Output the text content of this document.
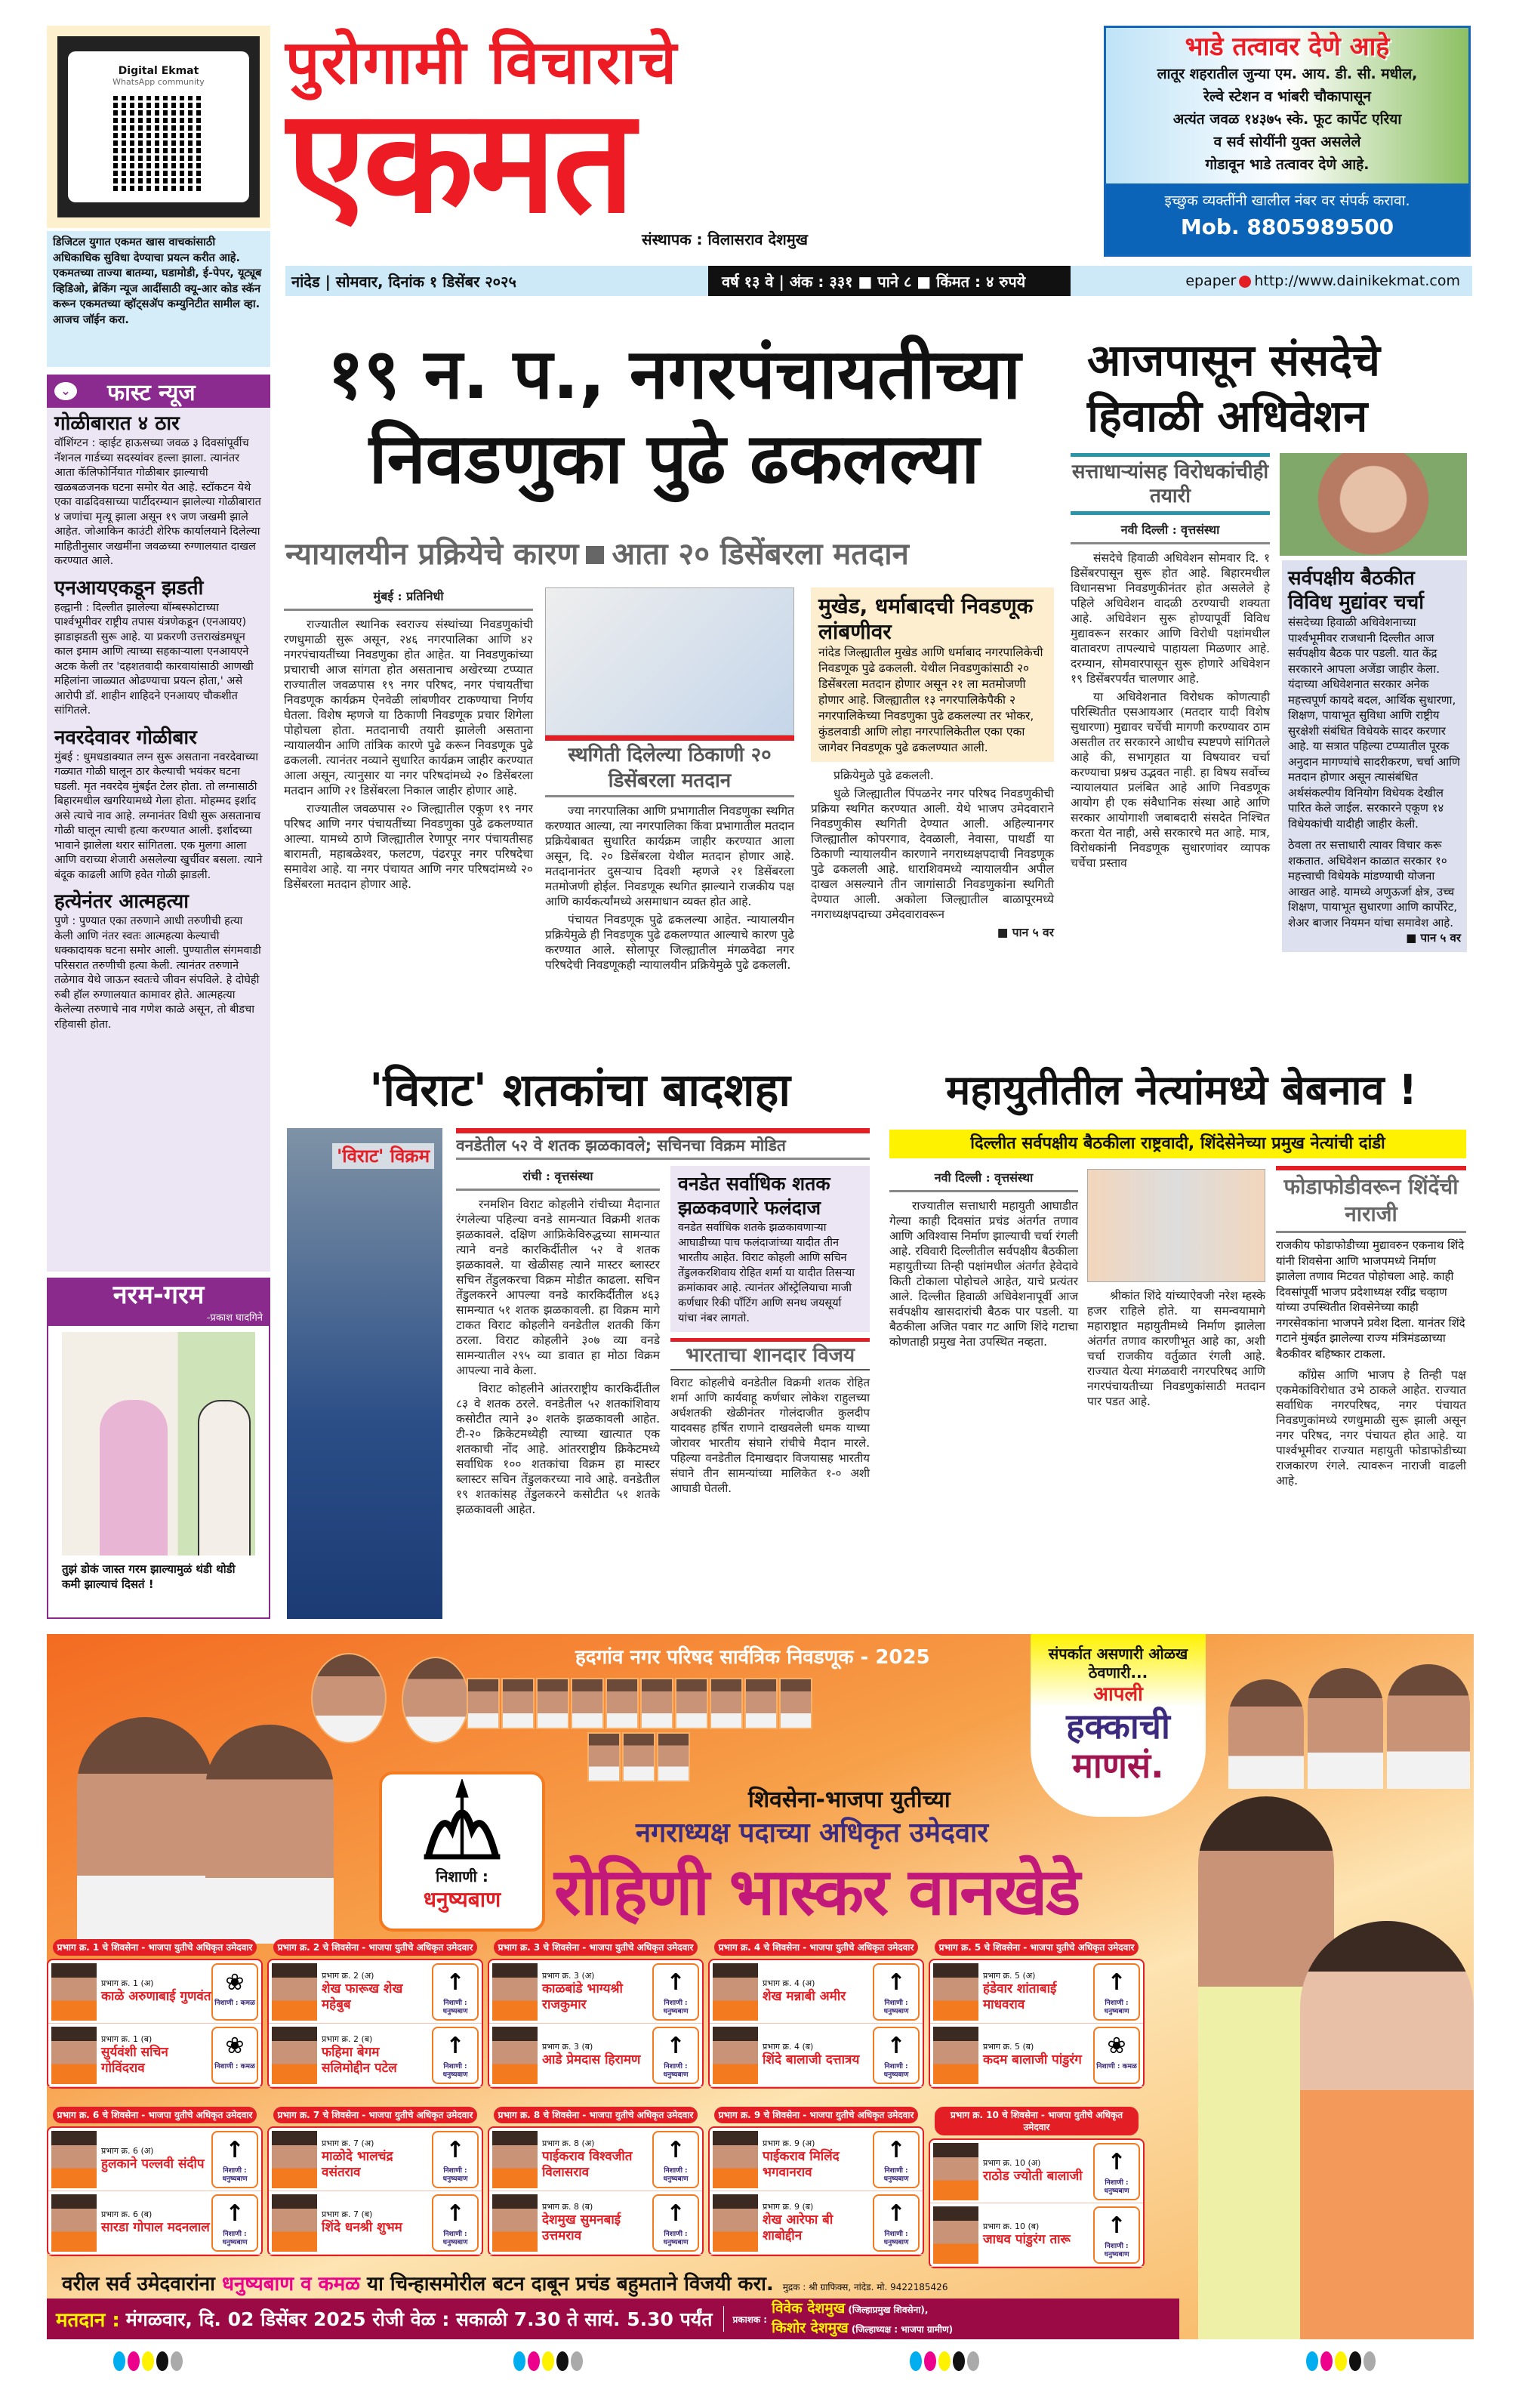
Digital Ekmat
WhatsApp community
डिजिटल युगात एकमत खास वाचकांसाठी अधिकाधिक सुविधा देण्याचा प्रयत्न करीत आहे. एकमतच्या ताज्या बातम्या, घडामोडी, ई-पेपर, यूट्यूब व्हिडिओ, ब्रेकिंग न्यूज आदींसाठी क्यू-आर कोड स्कॅन करून एकमतच्या व्हॉट्सॲप कम्युनिटीत सामील व्हा. आजच जॉईन करा.
पुरोगामी विचाराचे
एकमत संस्थापक : विलासराव देशमुख
भाडे तत्वावर देणे आहे
लातूर शहरातील जुन्या एम. आय. डी. सी. मधील,
रेल्वे स्टेशन व भांबरी चौकापासून
अत्यंत जवळ १४३७५ स्के. फूट कार्पेट एरिया
व सर्व सोयींनी युक्त असलेले
गोडावून भाडे तत्वावर देणे आहे.
इच्छुक व्यक्तींनी खालील नंबर वर संपर्क करावा.
Mob. 8805989500
नांदेड | सोमवार, दिनांक १ डिसेंबर २०२५	वर्ष १३ वे | अंक : ३३१ ■ पाने ८ ■ किंमत : ४ रुपये	epaper http://www.dainikekmat.com
⌄ फास्ट न्यूज
गोळीबारात ४ ठार
वॉशिंग्टन : व्हाईट हाऊसच्या जवळ ३ दिवसांपूर्वीच नॅशनल गार्डच्या सदस्यांवर हल्ला झाला. त्यानंतर आता कॅलिफोर्नियात गोळीबार झाल्याची खळबळजनक घटना समोर येत आहे. स्टॉकटन येथे एका वाढदिवसाच्या पार्टीदरम्यान झालेल्या गोळीबारात ४ जणांचा मृत्यू झाला असून १९ जण जखमी झाले आहेत. जोआकिन काउंटी शेरिफ कार्यालयाने दिलेल्या माहितीनुसार जखमींना जवळच्या रुग्णालयात दाखल करण्यात आले.
एनआयएकडून झडती
हल्द्वानी : दिल्लीत झालेल्या बॉम्बस्फोटाच्या पार्श्वभूमीवर राष्ट्रीय तपास यंत्रणेकडून (एनआयए) झाडाझडती सुरू आहे. या प्रकरणी उत्तराखंडमधून काल इमाम आणि त्याच्या सहकाऱ्याला एनआयएने अटक केली तर 'दहशतवादी कारवायांसाठी आणखी महिलांना जाळ्यात ओढण्याचा प्रयत्न होता,' असे आरोपी डॉ. शाहीन शाहिदने एनआयए चौकशीत सांगितले.
नवरदेवावर गोळीबार
मुंबई : धुमधडाक्यात लग्न सुरू असताना नवरदेवाच्या गळ्यात गोळी घालून ठार केल्याची भयंकर घटना घडली. मृत नवरदेव मुंबईत टेलर होता. तो लग्नासाठी बिहारमधील खगरियामध्ये गेला होता. मोहम्मद इर्शाद असे त्याचे नाव आहे. लग्नानंतर विधी सुरू असतानाच गोळी घालून त्याची हत्या करण्यात आली. इर्शादच्या भावाने झालेला थरार सांगितला. एक मुलगा आला आणि वराच्या शेजारी असलेल्या खुर्चीवर बसला. त्याने बंदूक काढली आणि हवेत गोळी झाडली.
हत्येनंतर आत्महत्या
पुणे : पुण्यात एका तरुणाने आधी तरुणीची हत्या केली आणि नंतर स्वतः आत्महत्या केल्याची धक्कादायक घटना समोर आली. पुण्यातील संगमवाडी परिसरात तरुणीची हत्या केली. त्यानंतर तरुणाने तळेगाव येथे जाऊन स्वतःचे जीवन संपविले. हे दोघेही रुबी हॉल रुग्णालयात कामावर होते. आत्महत्या केलेल्या तरुणाचे नाव गणेश काळे असून, तो बीडचा रहिवासी होता.
नरम-गरम
-प्रकाश घादगिने
तुझं डोकं जास्त गरम झाल्यामुळं थंडी थोडी कमी झाल्याचं दिसतं !
१९ न. प., नगरपंचायतीच्या
निवडणुका पुढे ढकलल्या
न्यायालयीन प्रक्रियेचे कारण आता २० डिसेंबरला मतदान
मुंबई : प्रतिनिधी

राज्यातील स्थानिक स्वराज्य संस्थांच्या निवडणुकांची रणधुमाळी सुरू असून, २४६ नगरपालिका आणि ४२ नगरपंचायतींच्या निवडणुका होत आहेत. या निवडणुकांच्या प्रचाराची आज सांगता होत असतानाच अखेरच्या टप्प्यात राज्यातील जवळपास १९ नगर परिषद, नगर पंचायतींचा निवडणूक कार्यक्रम ऐनवेळी लांबणीवर टाकण्याचा निर्णय घेतला. विशेष म्हणजे या ठिकाणी निवडणूक प्रचार शिगेला पोहोचला होता. मतदानाची तयारी झालेली असताना न्यायालयीन आणि तांत्रिक कारणे पुढे करून निवडणूक पुढे ढकलली. त्यानंतर नव्याने सुधारित कार्यक्रम जाहीर करण्यात आला असून, त्यानुसार या नगर परिषदांमध्ये २० डिसेंबरला मतदान आणि २१ डिसेंबरला निकाल जाहीर होणार आहे.

राज्यातील जवळपास २० जिल्ह्यातील एकूण १९ नगर परिषद आणि नगर पंचायतींच्या निवडणुका पुढे ढकलण्यात आल्या. यामध्ये ठाणे जिल्ह्यातील रेणापूर नगर पंचायतीसह बारामती, महाबळेश्वर, फलटण, पंढरपूर नगर परिषदेचा समावेश आहे. या नगर पंचायत आणि नगर परिषदांमध्ये २० डिसेंबरला मतदान होणार आहे.

स्थगिती दिलेल्या ठिकाणी २० डिसेंबरला मतदान

ज्या नगरपालिका आणि प्रभागातील निवडणुका स्थगित करण्यात आल्या, त्या नगरपालिका किंवा प्रभागातील मतदान प्रक्रियेबाबत सुधारित कार्यक्रम जाहीर करण्यात आला असून, दि. २० डिसेंबरला येथील मतदान होणार आहे. मतदानानंतर दुसऱ्याच दिवशी म्हणजे २१ डिसेंबरला मतमोजणी होईल. निवडणूक स्थगित झाल्याने राजकीय पक्ष आणि कार्यकर्त्यांमध्ये असमाधान व्यक्त होत आहे.

पंचायत निवडणूक पुढे ढकलल्या आहेत. न्यायालयीन प्रक्रियेमुळे ही निवडणूक पुढे ढकलण्यात आल्याचे कारण पुढे करण्यात आले. सोलापूर जिल्ह्यातील मंगळवेढा नगर परिषदेची निवडणूकही न्यायालयीन प्रक्रियेमुळे पुढे ढकलली.

मुखेड, धर्माबादची निवडणूक लांबणीवर
नांदेड जिल्ह्यातील मुखेड आणि धर्माबाद नगरपालिकेची निवडणूक पुढे ढकलली. येथील निवडणुकांसाठी २० डिसेंबरला मतदान होणार असून २१ ला मतमोजणी होणार आहे. जिल्ह्यातील १३ नगरपालिकेपैकी २ नगरपालिकेच्या निवडणुका पुढे ढकलल्या तर भोकर, कुंडलवाडी आणि लोहा नगरपालिकेतील एका एका जागेवर निवडणूक पुढे ढकलण्यात आली.

प्रक्रियेमुळे पुढे ढकलली.

धुळे जिल्ह्यातील पिंपळनेर नगर परिषद निवडणुकीची प्रक्रिया स्थगित करण्यात आली. येथे भाजप उमेदवाराने निवडणुकीस स्थगिती देण्यात आली. अहिल्यानगर जिल्ह्यातील कोपरगाव, देवळाली, नेवासा, पाथर्डी या ठिकाणी न्यायालयीन कारणाने नगराध्यक्षपदाची निवडणूक पुढे ढकलली आहे. धाराशिवमध्ये न्यायालयीन अपील दाखल असल्याने तीन जागांसाठी निवडणुकांना स्थगिती देण्यात आली. अकोला जिल्ह्यातील बाळापूरमध्ये नगराध्यक्षपदाच्या उमेदवारावरून

■ पान ५ वर
आजपासून संसदेचे हिवाळी अधिवेशन
सत्ताधाऱ्यांसह विरोधकांचीही तयारी
नवी दिल्ली : वृत्तसंस्था

संसदेचे हिवाळी अधिवेशन सोमवार दि. १ डिसेंबरपासून सुरू होत आहे. बिहारमधील विधानसभा निवडणुकीनंतर होत असलेले हे पहिले अधिवेशन वादळी ठरण्याची शक्यता आहे. अधिवेशन सुरू होण्यापूर्वी विविध मुद्यावरून सरकार आणि विरोधी पक्षांमधील वातावरण तापल्याचे पाहायला मिळणार आहे. दरम्यान, सोमवारपासून सुरू होणारे अधिवेशन १९ डिसेंबरपर्यंत चालणार आहे.

या अधिवेशनात विरोधक कोणत्याही परिस्थितीत एसआयआर (मतदार यादी विशेष सुधारणा) मुद्यावर चर्चेची मागणी करण्यावर ठाम असतील तर सरकारने आधीच स्पष्टपणे सांगितले आहे की, सभागृहात या विषयावर चर्चा करण्याचा प्रश्नच उद्भवत नाही. हा विषय सर्वोच्च न्यायालयात प्रलंबित आहे आणि निवडणूक आयोग ही एक संवैधानिक संस्था आहे आणि सरकार आयोगाशी जबाबदारी संसदेत निश्चित करता येत नाही, असे सरकारचे मत आहे. मात्र, विरोधकांनी निवडणूक सुधारणांवर व्यापक चर्चेचा प्रस्ताव

सर्वपक्षीय बैठकीत विविध मुद्यांवर चर्चा
संसदेच्या हिवाळी अधिवेशनाच्या पार्श्वभूमीवर राजधानी दिल्लीत आज सर्वपक्षीय बैठक पार पडली. यात केंद्र सरकारने आपला अजेंडा जाहीर केला. यंदाच्या अधिवेशनात सरकार अनेक महत्त्वपूर्ण कायदे बदल, आर्थिक सुधारणा, शिक्षण, पायाभूत सुविधा आणि राष्ट्रीय सुरक्षेशी संबंधित विधेयके सादर करणार आहे. या सत्रात पहिल्या टप्प्यातील पूरक अनुदान मागण्यांचे सादरीकरण, चर्चा आणि मतदान होणार असून त्यासंबंधित अर्थसंकल्पीय विनियोग विधेयक देखील पारित केले जाईल. सरकारने एकूण १४ विधेयकांची यादीही जाहीर केली.
ठेवला तर सत्ताधारी त्यावर विचार करू शकतात. अधिवेशन काळात सरकार १० महत्त्वाची विधेयके मांडण्याची योजना आखत आहे. यामध्ये अणुऊर्जा क्षेत्र, उच्च शिक्षण, पायाभूत सुधारणा आणि कार्पोरेट, शेअर बाजार नियमन यांचा समावेश आहे.
■ पान ५ वर
'विराट' शतकांचा बादशहा
'विराट' विक्रम वनडेतील ५२ वे शतक झळकावले; सचिनचा विक्रम मोडित
रांची : वृत्तसंस्था

रनमशिन विराट कोहलीने रांचीच्या मैदानात रंगलेल्या पहिल्या वनडे सामन्यात विक्रमी शतक झळकावले. दक्षिण आफ्रिकेविरुद्धच्या सामन्यात त्याने वनडे कारकिर्दीतील ५२ वे शतक झळकावले. या खेळीसह त्याने मास्टर ब्लास्टर सचिन तेंडुलकरचा विक्रम मोडीत काढला. सचिन तेंडुलकरने आपल्या वनडे कारकिर्दीतील ४६३ सामन्यात ५१ शतक झळकावली. हा विक्रम मागे टाकत विराट कोहलीने वनडेतील शतकी किंग ठरला. विराट कोहलीने ३०७ व्या वनडे सामन्यातील २९५ व्या डावात हा मोठा विक्रम आपल्या नावे केला.

विराट कोहलीने आंतरराष्ट्रीय कारकिर्दीतील ८३ वे शतक ठरले. वनडेतील ५२ शतकांशिवाय कसोटीत त्याने ३० शतके झळकावली आहेत. टी-२० क्रिकेटमध्येही त्याच्या खात्यात एक शतकाची नोंद आहे. आंतरराष्ट्रीय क्रिकेटमध्ये सर्वाधिक १०० शतकांचा विक्रम हा मास्टर ब्लास्टर सचिन तेंडुलकरच्या नावे आहे. वनडेतील १९ शतकांसह तेंडुलकरने कसोटीत ५१ शतके झळकावली आहेत.

वनडेत सर्वाधिक शतक झळकवणारे फलंदाज
वनडेत सर्वाधिक शतके झळकावणाऱ्या आघाडीच्या पाच फलंदाजांच्या यादीत तीन भारतीय आहेत. विराट कोहली आणि सचिन तेंडुलकरशिवाय रोहित शर्मा या यादीत तिसऱ्या क्रमांकावर आहे. त्यानंतर ऑस्ट्रेलियाचा माजी कर्णधार रिकी पॉंटिंग आणि सनथ जयसूर्या यांचा नंबर लागतो.
भारताचा शानदार विजय
विराट कोहलीचे वनडेतील विक्रमी शतक रोहित शर्मा आणि कार्यवाहू कर्णधार लोकेश राहुलच्या अर्धशतकी खेळीनंतर गोलंदाजीत कुलदीप यादवसह हर्षित राणाने दाखवलेली धमक याच्या जोरावर भारतीय संघाने रांचीचे मैदान मारले. पहिल्या वनडेतील दिमाखदार विजयासह भारतीय संघाने तीन सामन्यांच्या मालिकेत १-० अशी आघाडी घेतली.
महायुतीतील नेत्यांमध्ये बेबनाव !
दिल्लीत सर्वपक्षीय बैठकीला राष्ट्रवादी, शिंदेसेनेच्या प्रमुख नेत्यांची दांडी
नवी दिल्ली : वृत्तसंस्था

राज्यातील सत्ताधारी महायुती आघाडीत गेल्या काही दिवसांत प्रचंड अंतर्गत तणाव आणि अविश्वास निर्माण झाल्याची चर्चा रंगली आहे. रविवारी दिल्लीतील सर्वपक्षीय बैठकीला महायुतीच्या तिन्ही पक्षांमधील अंतर्गत हेवेदावे किती टोकाला पोहोचले आहेत, याचे प्रत्यंतर आले. दिल्लीत हिवाळी अधिवेशनापूर्वी आज सर्वपक्षीय खासदारांची बैठक पार पडली. या बैठकीला अजित पवार गट आणि शिंदे गटाचा कोणताही प्रमुख नेता उपस्थित नव्हता.

श्रीकांत शिंदे यांच्याऐवजी नरेश म्हस्के हजर राहिले होते. या समन्वयामागे महाराष्ट्रात महायुतीमध्ये निर्माण झालेला अंतर्गत तणाव कारणीभूत आहे का, अशी चर्चा राजकीय वर्तुळात रंगली आहे. राज्यात येत्या मंगळवारी नगरपरिषद आणि नगरपंचायतीच्या निवडणुकांसाठी मतदान पार पडत आहे.

फोडाफोडीवरून शिंदेंची नाराजी
राजकीय फोडाफोडीच्या मुद्यावरुन एकनाथ शिंदे यांनी शिवसेना आणि भाजपमध्ये निर्माण झालेला तणाव मिटवत पोहोचला आहे. काही दिवसांपूर्वी भाजप प्रदेशाध्यक्ष रवींद्र चव्हाण यांच्या उपस्थितीत शिवसेनेच्या काही नगरसेवकांना भाजपने प्रवेश दिला. यानंतर शिंदे गटाने मुंबईत झालेल्या राज्य मंत्रिमंडळाच्या बैठकीवर बहिष्कार टाकला.

काँग्रेस आणि भाजप हे तिन्ही पक्ष एकमेकांविरोधात उभे ठाकले आहेत. राज्यात सर्वाधिक नगरपरिषद, नगर पंचायत निवडणुकांमध्ये रणधुमाळी सुरू झाली असून नगर परिषद, नगर पंचायत होत आहे. या पार्श्वभूमीवर राज्यात महायुती फोडाफोडीच्या राजकारण रंगले. त्यावरून नाराजी वाढली आहे.

हदगांव नगर परिषद सार्वत्रिक निवडणूक - 2025	संपर्कात असणारी ओळख ठेवणारी...
आपली
हक्काची
माणसं.
निशाणी :
धनुष्यबाण
शिवसेना-भाजपा युतीच्या
नगराध्यक्ष पदाच्या अधिकृत उमेदवार
रोहिणी भास्कर वानखेडे
प्रभाग क्र. 1 चे शिवसेना - भाजपा युतीचे अधिकृत उमेदवार
प्रभाग क्र. 1 (अ)
काळे अरुणाबाई गुणवंत
❀
निशाणी : कमळ
प्रभाग क्र. 1 (ब)
सुर्यवंशी सचिन गोविंदराव
❀
निशाणी : कमळ
प्रभाग क्र. 2 चे शिवसेना - भाजपा युतीचे अधिकृत उमेदवार
प्रभाग क्र. 2 (अ)
शेख फारूख शेख महेबुब
↑
निशाणी : धनुष्यबाण
प्रभाग क्र. 2 (ब)
फहिमा बेगम सलिमोद्दीन पटेल
↑
निशाणी : धनुष्यबाण
प्रभाग क्र. 3 चे शिवसेना - भाजपा युतीचे अधिकृत उमेदवार
प्रभाग क्र. 3 (अ)
काळबांडे भाग्यश्री राजकुमार
↑
निशाणी : धनुष्यबाण
प्रभाग क्र. 3 (ब)
आडे प्रेमदास हिरामण
↑
निशाणी : धनुष्यबाण
प्रभाग क्र. 4 चे शिवसेना - भाजपा युतीचे अधिकृत उमेदवार
प्रभाग क्र. 4 (अ)
शेख मन्नाबी अमीर
↑
निशाणी : धनुष्यबाण
प्रभाग क्र. 4 (ब)
शिंदे बालाजी दत्तात्रय
↑
निशाणी : धनुष्यबाण
प्रभाग क्र. 5 चे शिवसेना - भाजपा युतीचे अधिकृत उमेदवार
प्रभाग क्र. 5 (अ)
हंडेवार शांताबाई माधवराव
↑
निशाणी : धनुष्यबाण
प्रभाग क्र. 5 (ब)
कदम बालाजी पांडुरंग
❀
निशाणी : कमळ
प्रभाग क्र. 6 चे शिवसेना - भाजपा युतीचे अधिकृत उमेदवार
प्रभाग क्र. 6 (अ)
हुलकाने पल्लवी संदीप
↑
निशाणी : धनुष्यबाण
प्रभाग क्र. 6 (ब)
सारडा गोपाल मदनलाल
↑
निशाणी : धनुष्यबाण
प्रभाग क्र. 7 चे शिवसेना - भाजपा युतीचे अधिकृत उमेदवार
प्रभाग क्र. 7 (अ)
माळोदे भालचंद्र वसंतराव
↑
निशाणी : धनुष्यबाण
प्रभाग क्र. 7 (ब)
शिंदे धनश्री शुभम
↑
निशाणी : धनुष्यबाण
प्रभाग क्र. 8 चे शिवसेना - भाजपा युतीचे अधिकृत उमेदवार
प्रभाग क्र. 8 (अ)
पाईकराव विश्वजीत विलासराव
↑
निशाणी : धनुष्यबाण
प्रभाग क्र. 8 (ब)
देशमुख सुमनबाई उत्तमराव
↑
निशाणी : धनुष्यबाण
प्रभाग क्र. 9 चे शिवसेना - भाजपा युतीचे अधिकृत उमेदवार
प्रभाग क्र. 9 (अ)
पाईकराव मिलिंद भगवानराव
↑
निशाणी : धनुष्यबाण
प्रभाग क्र. 9 (ब)
शेख आरेफा बी शाबोद्दीन
↑
निशाणी : धनुष्यबाण
प्रभाग क्र. 10 चे शिवसेना - भाजपा युतीचे अधिकृत उमेदवार
प्रभाग क्र. 10 (अ)
राठोड ज्योती बालाजी
↑
निशाणी : धनुष्यबाण
प्रभाग क्र. 10 (ब)
जाधव पांडुरंग तारू
↑
निशाणी : धनुष्यबाण
वरील सर्व उमेदवारांना धनुष्यबाण व कमळ या चिन्हासमोरील बटन दाबून प्रचंड बहुमताने विजयी करा. मुद्रक : श्री ग्राफिक्स, नांदेड. मो. 9422185426
मतदान : मंगळवार, दि. 02 डिसेंबर 2025 रोजी वेळ : सकाळी 7.30 ते सायं. 5.30 पर्यंत	प्रकाशक :
विवेक देशमुख (जिल्हाप्रमुख शिवसेना),
किशोर देशमुख (जिल्हाध्यक्ष : भाजपा ग्रामीण)
